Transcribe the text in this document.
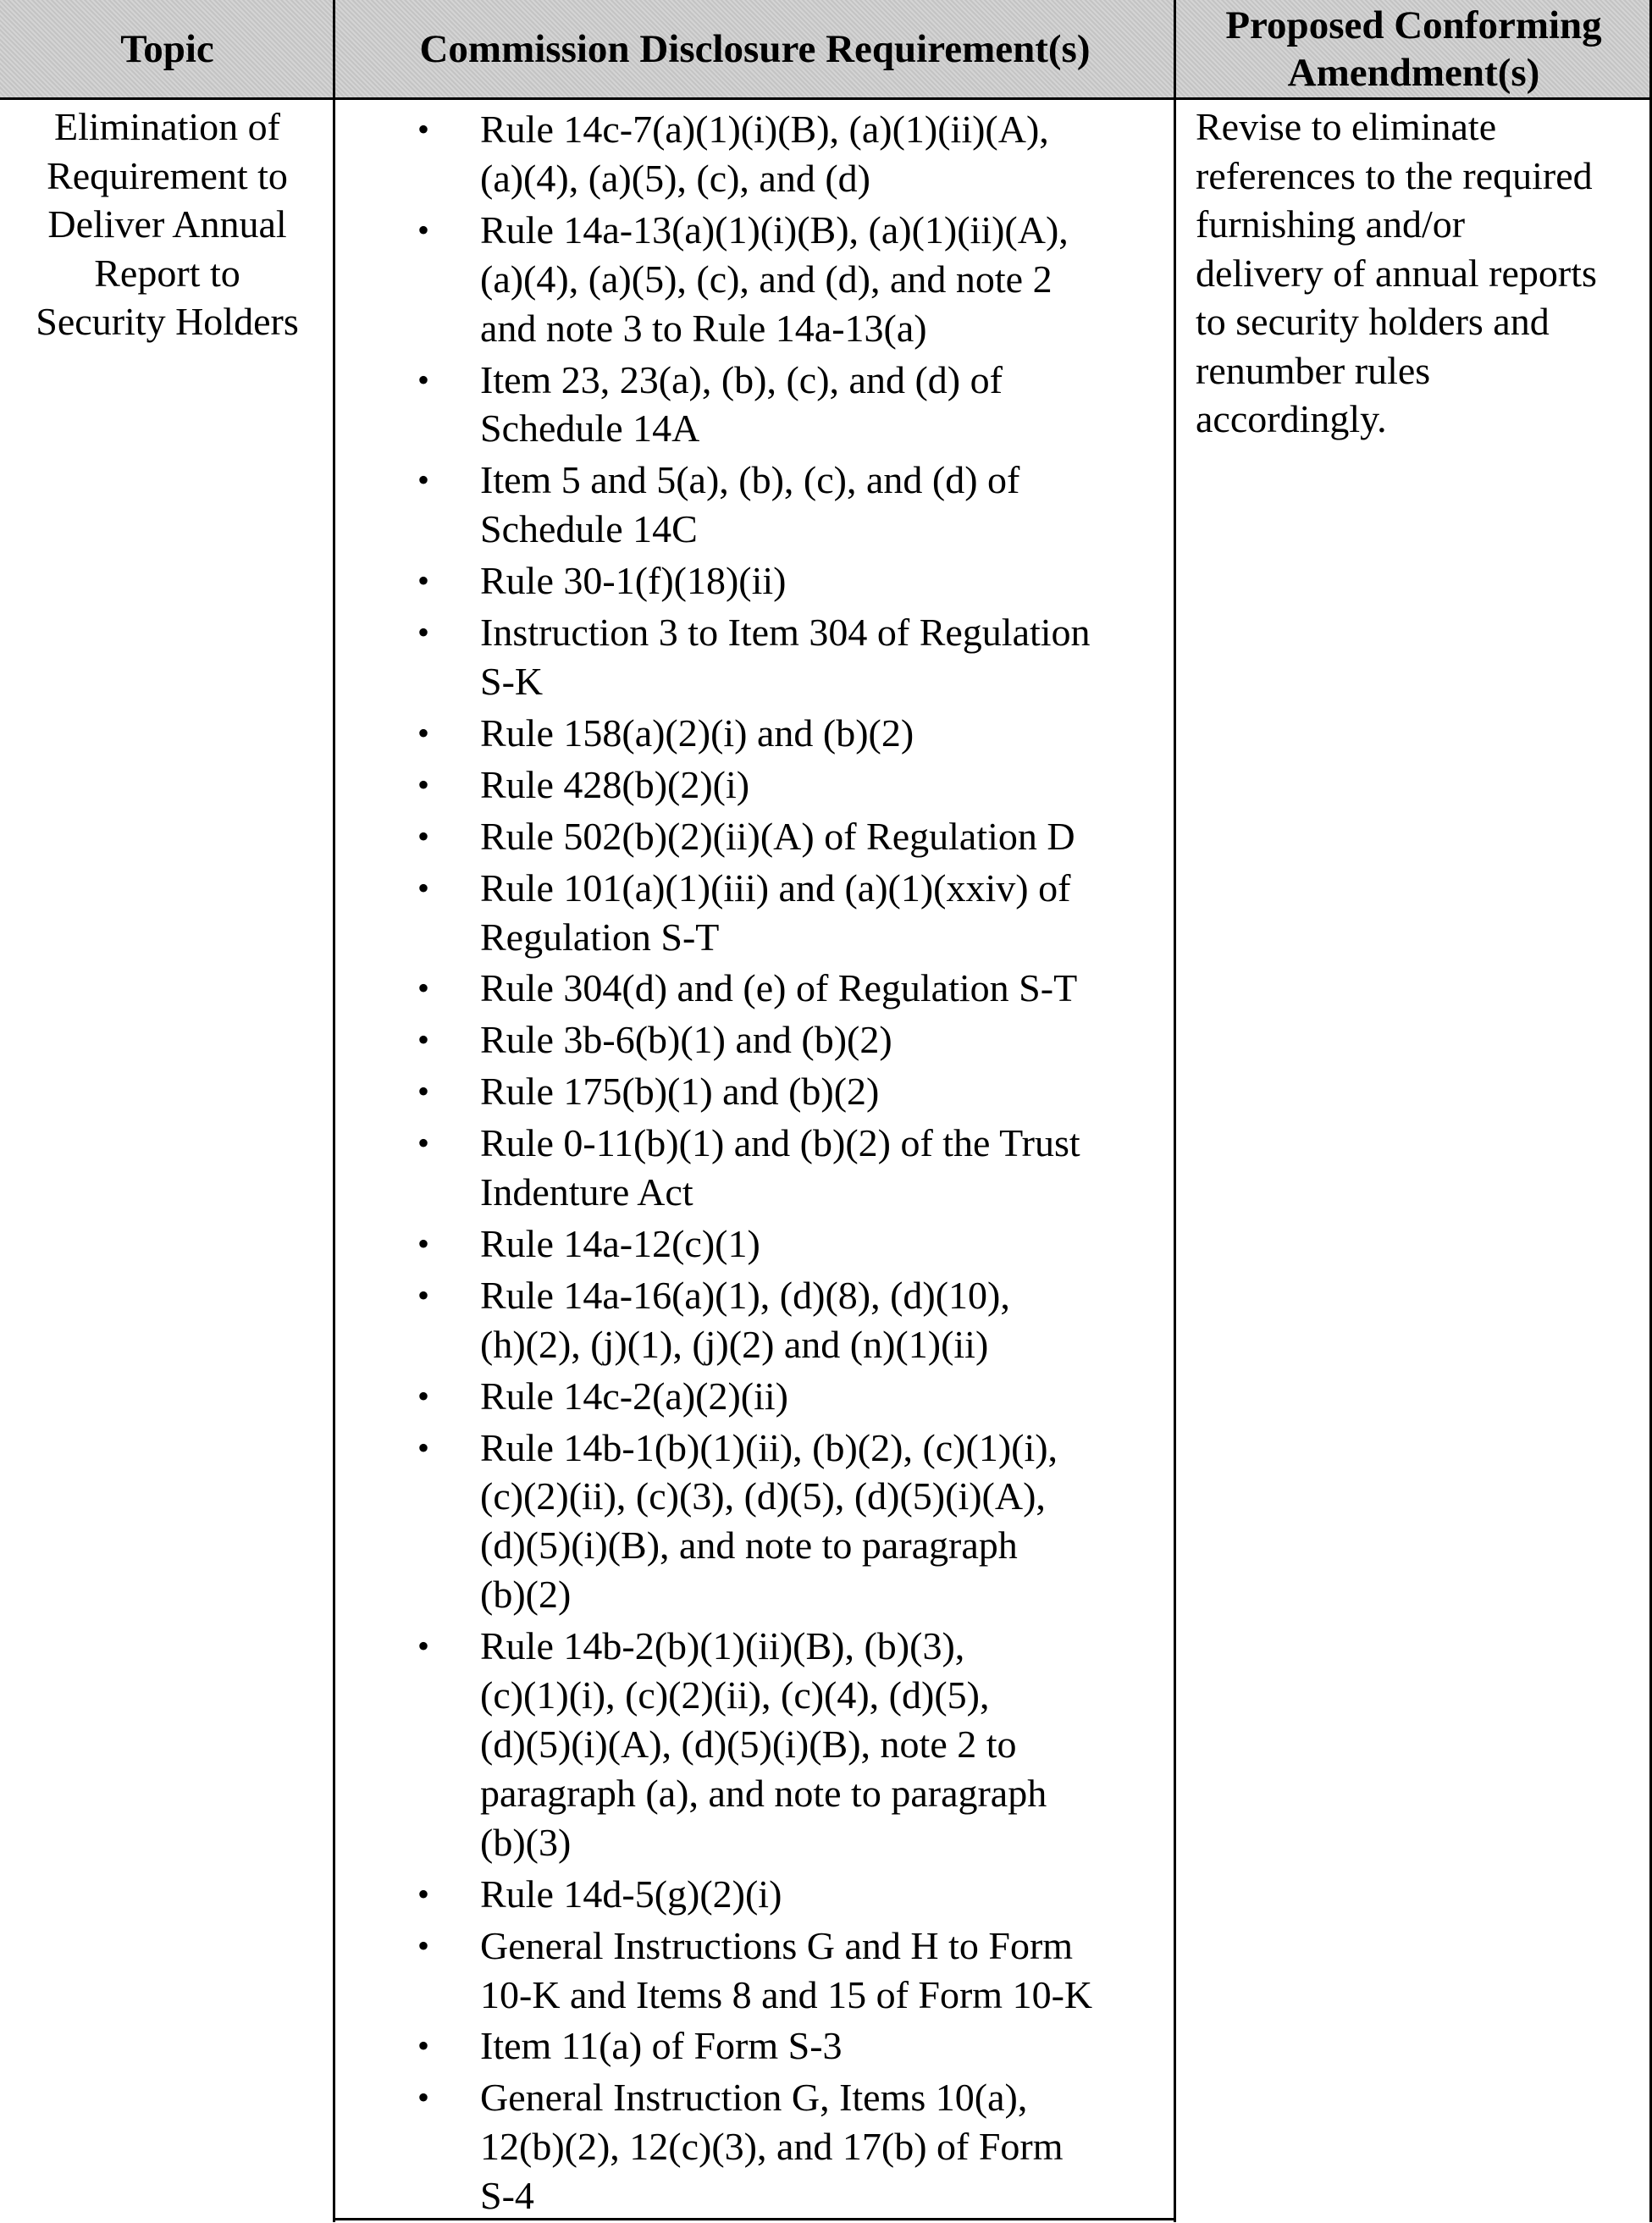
Topic	Commission Disclosure Requirement(s)
Proposed Conforming
Amendment(s)
Elimination of
Requirement to
Deliver Annual
Report to
Security Holders
• Rule 14c-7(a)(1)(i)(B), (a)(1)(ii)(A),
(a)(4), (a)(5), (c), and (d)
• Rule 14a-13(a)(1)(i)(B), (a)(1)(ii)(A),
(a)(4), (a)(5), (c), and (d), and note 2
and note 3 to Rule 14a-13(a)
• Item 23, 23(a), (b), (c), and (d) of
Schedule 14A
• Item 5 and 5(a), (b), (c), and (d) of
Schedule 14C
• Rule 30-1(f)(18)(ii)
• Instruction 3 to Item 304 of Regulation
S-K
• Rule 158(a)(2)(i) and (b)(2)
• Rule 428(b)(2)(i)
• Rule 502(b)(2)(ii)(A) of Regulation D
• Rule 101(a)(1)(iii) and (a)(1)(xxiv) of
Regulation S-T
• Rule 304(d) and (e) of Regulation S-T
• Rule 3b-6(b)(1) and (b)(2)
• Rule 175(b)(1) and (b)(2)
• Rule 0-11(b)(1) and (b)(2) of the Trust
Indenture Act
• Rule 14a-12(c)(1)
• Rule 14a-16(a)(1), (d)(8), (d)(10),
(h)(2), (j)(1), (j)(2) and (n)(1)(ii)
• Rule 14c-2(a)(2)(ii)
• Rule 14b-1(b)(1)(ii), (b)(2), (c)(1)(i),
(c)(2)(ii), (c)(3), (d)(5), (d)(5)(i)(A),
(d)(5)(i)(B), and note to paragraph
(b)(2)
• Rule 14b-2(b)(1)(ii)(B), (b)(3),
(c)(1)(i), (c)(2)(ii), (c)(4), (d)(5),
(d)(5)(i)(A), (d)(5)(i)(B), note 2 to
paragraph (a), and note to paragraph
(b)(3)
• Rule 14d-5(g)(2)(i)
• General Instructions G and H to Form
10-K and Items 8 and 15 of Form 10-K
• Item 11(a) of Form S-3
• General Instruction G, Items 10(a),
12(b)(2), 12(c)(3), and 17(b) of Form
S-4
Revise to eliminate
references to the required
furnishing and/or
delivery of annual reports
to security holders and
renumber rules
accordingly.
